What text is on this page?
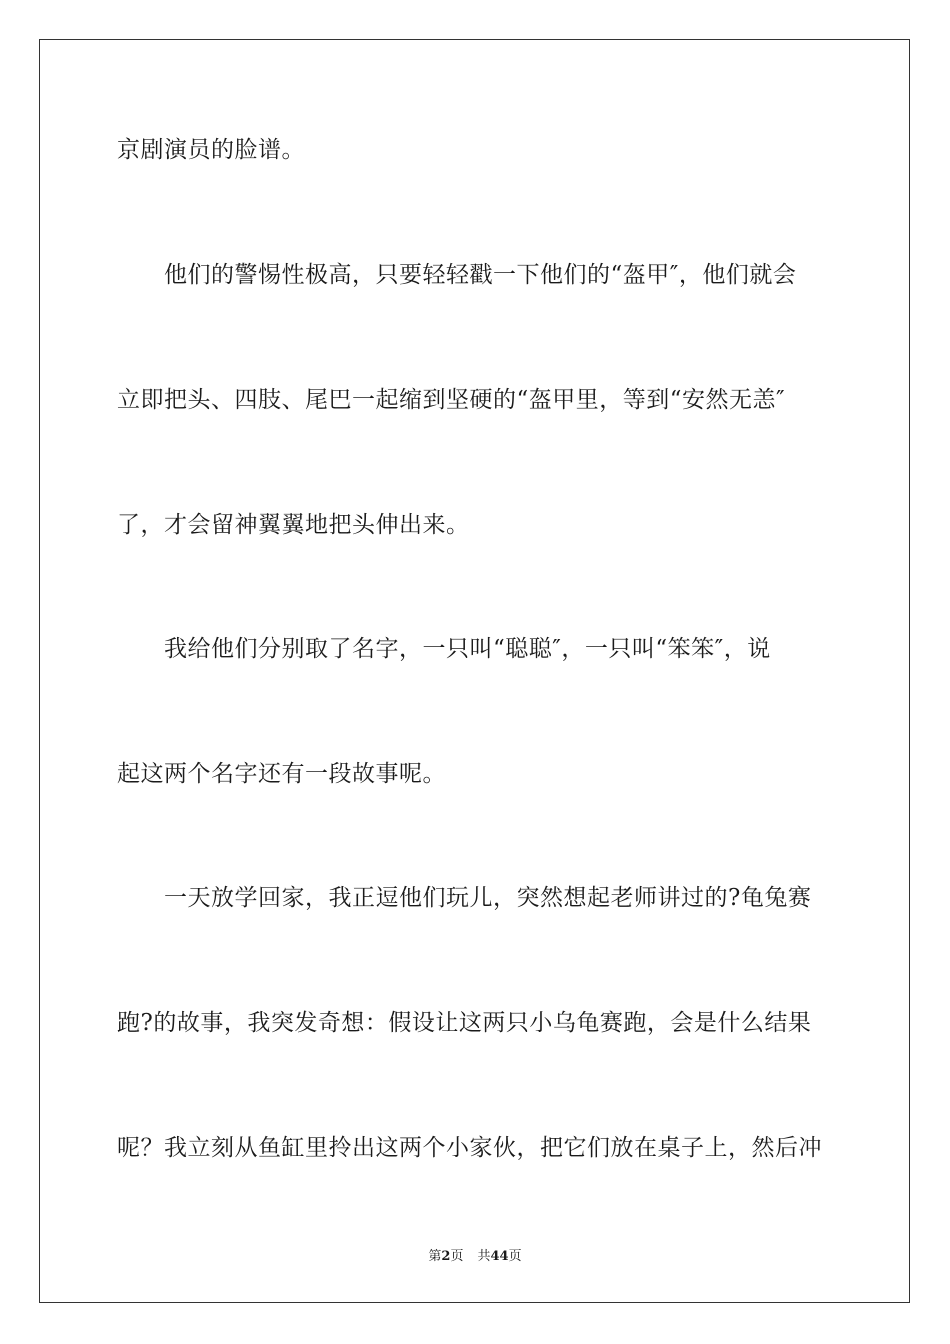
京剧演员的脸谱。
他们的警惕性极高，只要轻轻戳一下他们的“盔甲″，他们就会
立即把头、四肢、尾巴一起缩到坚硬的“盔甲里，等到“安然无恙″
了，才会留神翼翼地把头伸出来。
我给他们分别取了名字，一只叫“聪聪″，一只叫“笨笨″，说
起这两个名字还有一段故事呢。
一天放学回家，我正逗他们玩儿，突然想起老师讲过的?龟兔赛
跑?的故事，我突发奇想：假设让这两只小乌龟赛跑，会是什么结果
呢？我立刻从鱼缸里拎出这两个小家伙，把它们放在桌子上，然后冲
第2页 共44页
